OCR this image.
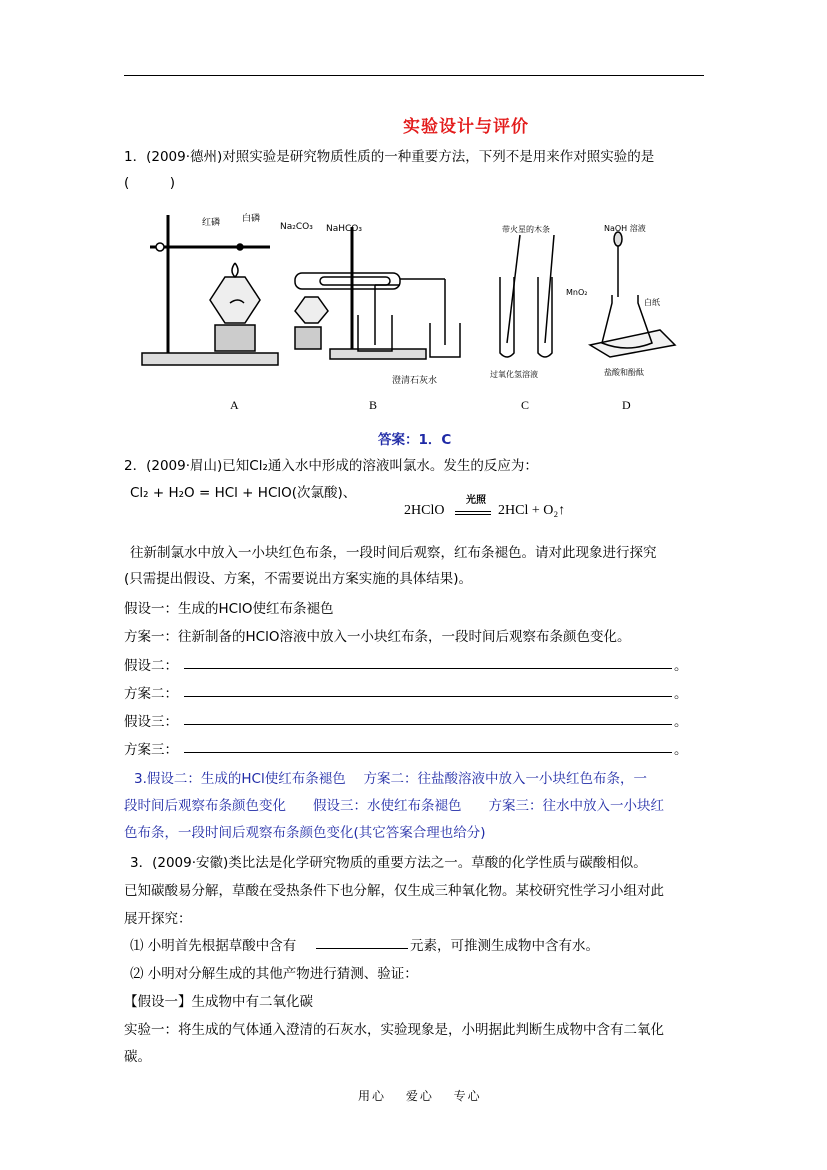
实验设计与评价
1．(2009·德州)对照实验是研究物质性质的一种重要方法，下列不是用来作对照实验的是
(　　　)
红磷 白磷
Na₂CO₃ NaHCO₃
澄清石灰水
带火星的木条
MnO₂
过氧化氢溶液
NaOH 溶液
白纸
盐酸和酚酞
A	B	C	D
答案：1．C
2．(2009·眉山)已知Cl₂通入水中形成的溶液叫氯水。发生的反应为：
Cl₂ + H₂O = HCl + HClO(次氯酸)、
2HClO
光照
2HCl + O₂↑
往新制氯水中放入一小块红色布条，一段时间后观察，红布条褪色。请对此现象进行探究
(只需提出假设、方案，不需要说出方案实施的具体结果)。
假设一：生成的HClO使红布条褪色
方案一：往新制备的HClO溶液中放入一小块红布条，一段时间后观察布条颜色变化。
假设二：	。
方案二：	。
假设三：	。
方案三：	。
3.假设二：生成的HCl使红布条褪色　 方案二：往盐酸溶液中放入一小块红色布条，一
段时间后观察布条颜色变化　　假设三：水使红布条褪色　　方案三：往水中放入一小块红
色布条，一段时间后观察布条颜色变化(其它答案合理也给分)
3．(2009·安徽)类比法是化学研究物质的重要方法之一。草酸的化学性质与碳酸相似。
已知碳酸易分解，草酸在受热条件下也分解，仅生成三种氧化物。某校研究性学习小组对此
展开探究：
⑴ 小明首先根据草酸中含有	元素，可推测生成物中含有水。
⑵ 小明对分解生成的其他产物进行猜测、验证：
【假设一】生成物中有二氧化碳
实验一：将生成的气体通入澄清的石灰水，实验现象是，小明据此判断生成物中含有二氧化
碳。
用心　 爱心　 专心
